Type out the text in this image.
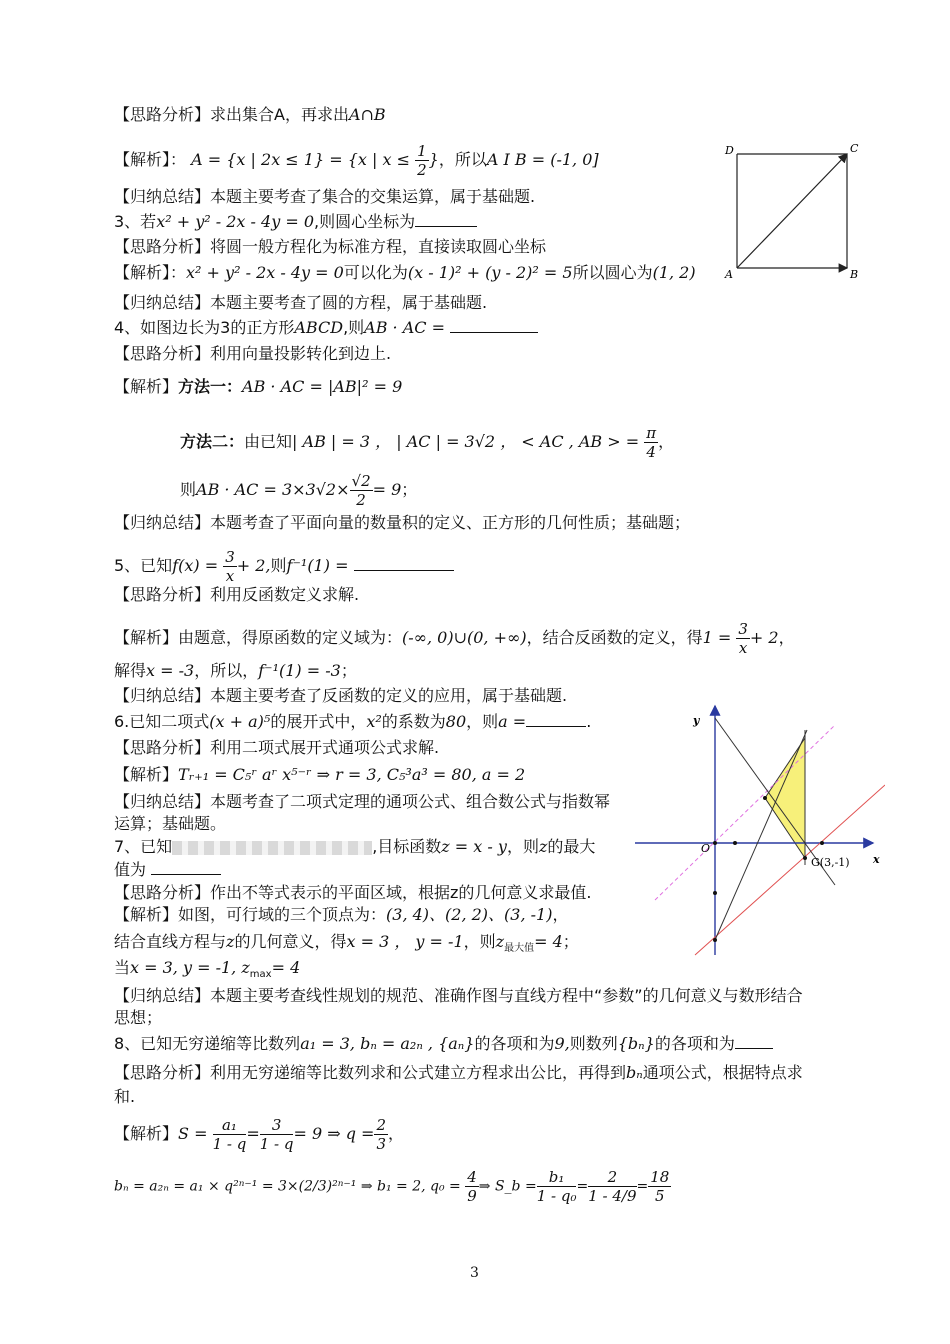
【思路分析】求出集合A，再求出A∩B
【解析】： A = {x | 2x ≤ 1} = {x | $x \le \frac{1}{2}$ }，所以A I B = (-1, 0]
【归纳总结】本题主要考查了集合的交集运算，属于基础题.
3、若x² + y² - 2x - 4y = 0,则圆心坐标为
【思路分析】将圆一般方程化为标准方程，直接读取圆心坐标
【解析】：x² + y² - 2x - 4y = 0可以化为(x - 1)² + (y - 2)² = 5所以圆心为(1, 2)
【归纳总结】本题主要考查了圆的方程，属于基础题.
4、如图边长为3的正方形ABCD,则AB · AC =
【思路分析】利用向量投影转化到边上.
【解析】方法一：AB · AC = |AB|² = 9
方法二：由已知| AB | = 3 ， | AC | = 3√2 ， < AC , AB > = $\frac{\pi}{4}$ ，
则AB · AC = $3\times 3√2\times \frac{√2}{2} = 9$；
【归纳总结】本题考查了平面向量的数量积的定义、正方形的几何性质；基础题；
5、已知$f(x) = \frac{3}{x} + 2$,则f⁻¹(1) =
【思路分析】利用反函数定义求解.
【解析】由题意，得原函数的定义域为：(-∞, 0)∪(0, +∞)，结合反函数的定义，得$1 = \frac{3}{x} + 2$，
解得x = -3，所以，f⁻¹(1) = -3；
【归纳总结】本题主要考查了反函数的定义的应用，属于基础题.
6.已知二项式(x + a)⁵的展开式中，x²的系数为80，则a =	.
【思路分析】利用二项式展开式通项公式求解.
【解析】Tᵣ₊₁ = C₅ʳ aʳ x⁵⁻ʳ ⇒ r = 3, C₅³a³ = 80, a = 2
【归纳总结】本题考查了二项式定理的通项公式、组合数公式与指数幂
运算；基础题。
7、已知	,目标函数z = x - y，则z的最大
值为
【思路分析】作出不等式表示的平面区域，根据z的几何意义求最值.
【解析】如图，可行域的三个顶点为：(3, 4)、(2, 2)、(3, -1)，
结合直线方程与z的几何意义，得x = 3 ， y = -1，则$z_{最大值}= 4$；
当x = 3, y = -1, $z_{max}= 4$
【归纳总结】本题主要考查线性规划的规范、准确作图与直线方程中“参数”的几何意义与数形结合
思想；
8、已知无穷递缩等比数列a₁ = 3, bₙ = a₂ₙ , {aₙ}的各项和为9,则数列{bₙ}的各项和为
【思路分析】利用无穷递缩等比数列求和公式建立方程求出公比，再得到bₙ通项公式，根据特点求
和.
【解析】$S = \frac{\text{a₁}}{1 - q} = \frac{3}{1 - q} = 9$ ⇒ $q = \frac{2}{3}$ ，
bₙ = a₂ₙ = a₁ × q²ⁿ⁻¹ = 3×(2/3)²ⁿ⁻¹ ⇒ b₁ = 2, $q_0 = \frac{4}{9}$ ⇒ S_b = $\frac{\text{b₁}}{\text{1 - q₀}} = \frac{2}{1 - 4/9} = \frac{18}{5}$
D	C
A	B
y
x
O
G(3,-1)
3
